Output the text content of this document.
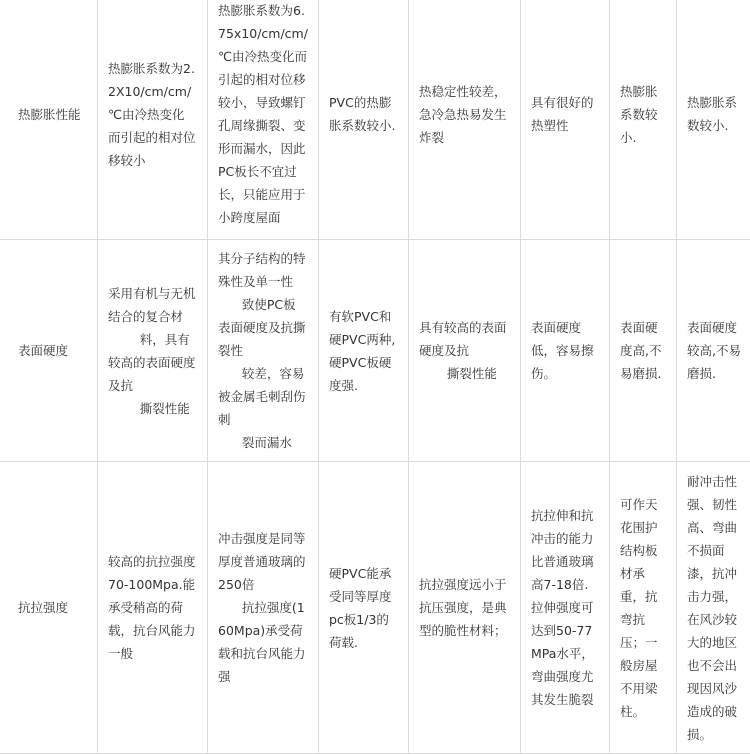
热膨胀性能	热膨胀系数为2.2X10/cm/cm/℃由冷热变化而引起的相对位移较小	热膨胀系数为6.75x10/cm/cm/℃由冷热变化而引起的相对位移较小，导致螺钉孔周缘撕裂、变形而漏水，因此PC板长不宜过长，只能应用于小跨度屋面	PVC的热膨胀系数较小.	热稳定性较差，急冷急热易发生炸裂	具有很好的热塑性	热膨胀系数较小.	热膨胀系数较小.
表面硬度	采用有机与无机结合的复合材
料，具有较高的表面硬度及抗
撕裂性能	其分子结构的特殊性及单一性
致使PC板表面硬度及抗撕裂性
较差，容易被金属毛刺刮伤刺
裂而漏水	有软PVC和硬PVC两种,硬PVC板硬度强.	具有较高的表面硬度及抗
撕裂性能	表面硬度低，容易擦伤。	表面硬度高,不易磨损.	表面硬度较高,不易磨损.
抗拉强度	较高的抗拉强度70-100Mpa.能承受稍高的荷载，抗台风能力一般	冲击强度是同等厚度普通玻璃的250倍
抗拉强度(160Mpa)承受荷载和抗台风能力强	硬PVC能承受同等厚度pc板1/3的荷载.	抗拉强度远小于抗压强度，是典型的脆性材料；	抗拉伸和抗冲击的能力比普通玻璃高7-18倍.拉伸强度可达到50-77MPa水平，弯曲强度尤其发生脆裂	可作天花围护结构板材承重，抗弯抗压；一般房屋不用梁柱。	耐冲击性强、韧性高、弯曲不损面漆，抗冲击力强，在风沙较大的地区也不会出现因风沙造成的破损。
